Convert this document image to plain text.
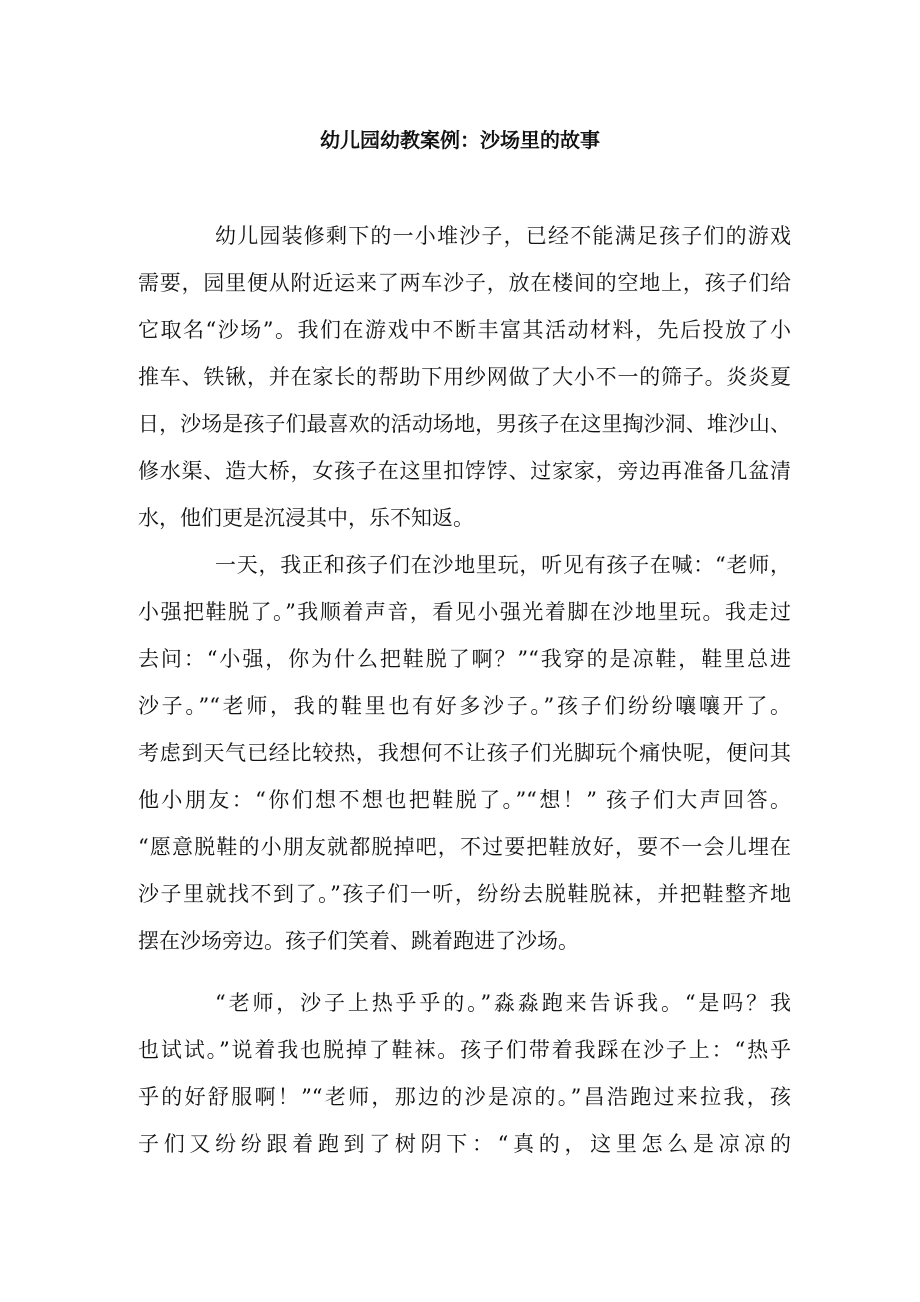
幼儿园幼教案例：沙场里的故事
幼儿园装修剩下的一小堆沙子，已经不能满足孩子们的游戏
需要，园里便从附近运来了两车沙子，放在楼间的空地上，孩子们给
它取名“沙场”。我们在游戏中不断丰富其活动材料，先后投放了小
推车、铁锹，并在家长的帮助下用纱网做了大小不一的筛子。炎炎夏
日，沙场是孩子们最喜欢的活动场地，男孩子在这里掏沙洞、堆沙山、
修水渠、造大桥，女孩子在这里扣饽饽、过家家，旁边再准备几盆清
水，他们更是沉浸其中，乐不知返。
一天，我正和孩子们在沙地里玩，听见有孩子在喊：“老师，
小强把鞋脱了。”我顺着声音，看见小强光着脚在沙地里玩。我走过
去问：“小强，你为什么把鞋脱了啊？”“我穿的是凉鞋，鞋里总进
沙子。”“老师，我的鞋里也有好多沙子。”孩子们纷纷嚷嚷开了。
考虑到天气已经比较热，我想何不让孩子们光脚玩个痛快呢，便问其
他小朋友：“你们想不想也把鞋脱了。”“想！” 孩子们大声回答。
“愿意脱鞋的小朋友就都脱掉吧，不过要把鞋放好，要不一会儿埋在
沙子里就找不到了。”孩子们一听，纷纷去脱鞋脱袜，并把鞋整齐地
摆在沙场旁边。孩子们笑着、跳着跑进了沙场。
“老师，沙子上热乎乎的。”淼淼跑来告诉我。“是吗？我
也试试。”说着我也脱掉了鞋袜。孩子们带着我踩在沙子上：“热乎
乎的好舒服啊！”“老师，那边的沙是凉的。”昌浩跑过来拉我，孩
子们又纷纷跟着跑到了树阴下：“真的，这里怎么是凉凉的
